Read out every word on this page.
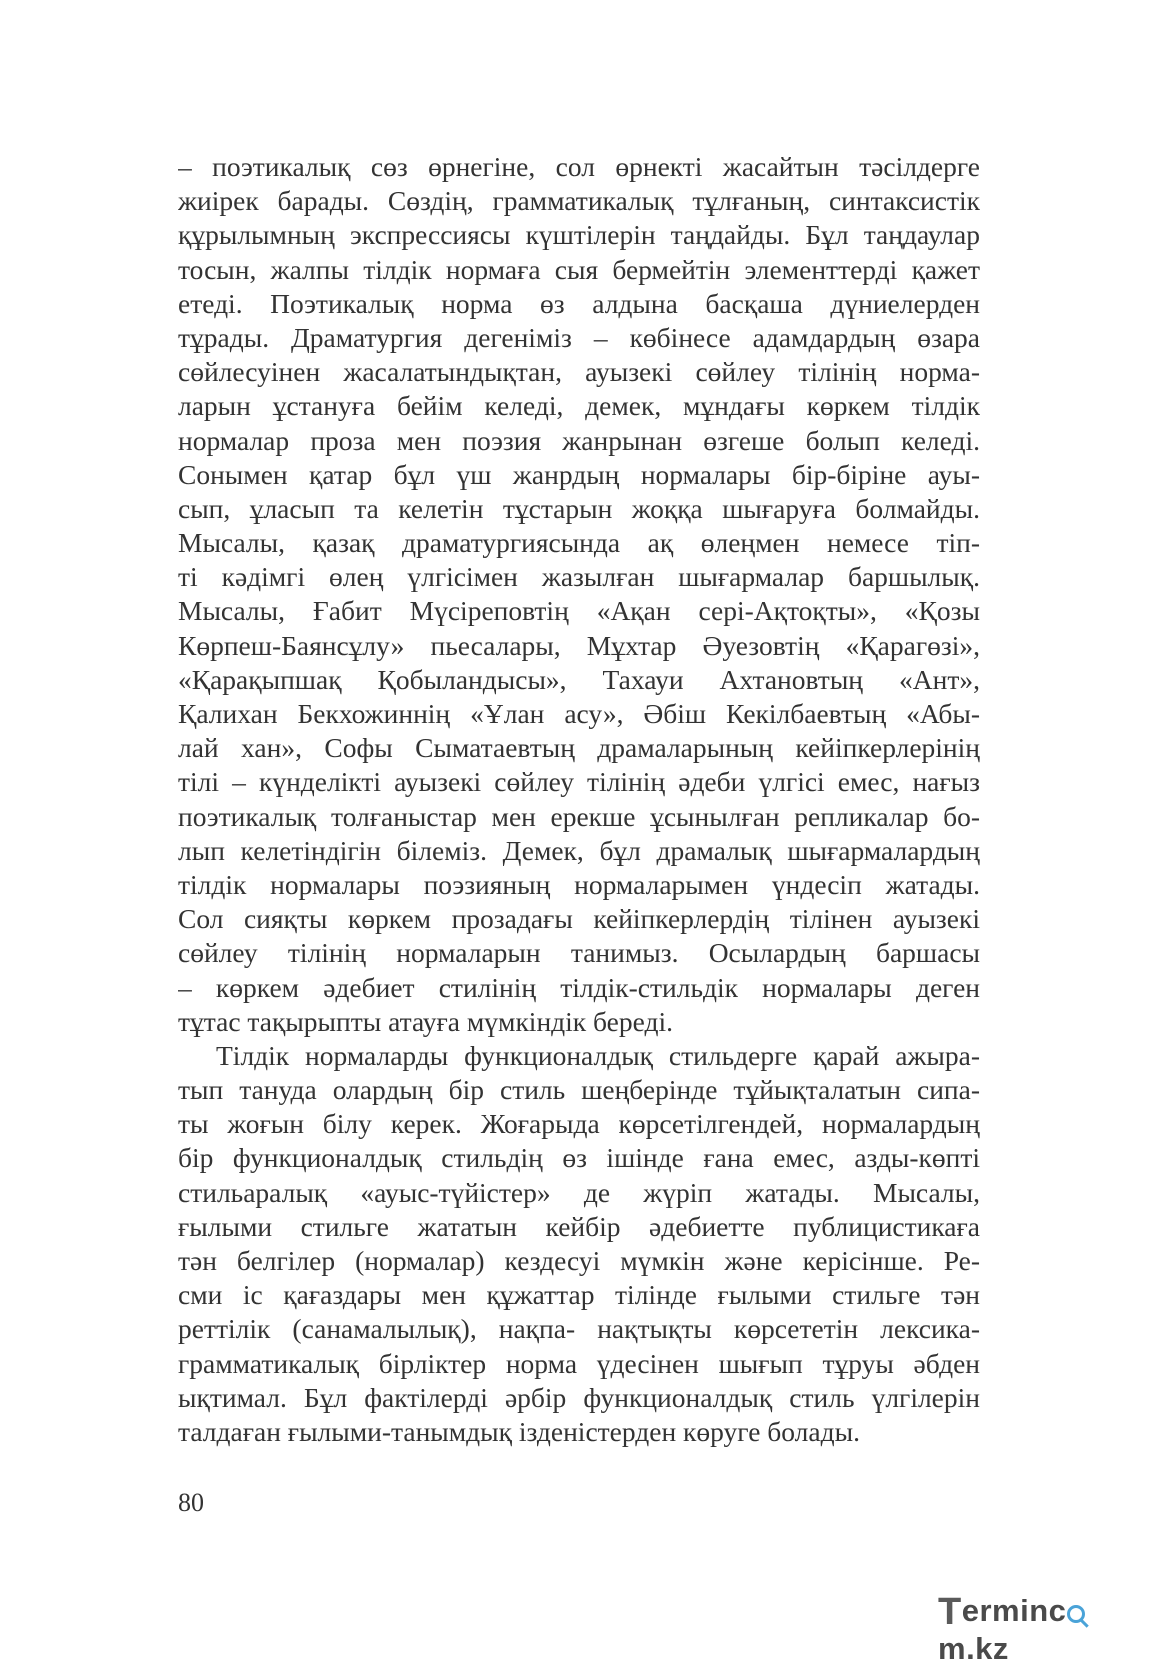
– поэтикалық сөз өрнегіне, сол өрнекті жасайтын тәсілдерге
жиірек барады. Сөздің, грамматикалық тұлғаның, синтаксистік
құрылымның экспрессиясы күштілерін таңдайды. Бұл таңдаулар
тосын, жалпы тілдік нормаға сыя бермейтін элементтерді қажет
етеді. Поэтикалық норма өз алдына басқаша дүниелерден
тұрады. Драматургия дегеніміз – көбінесе адамдардың өзара
сөйлесуінен жасалатындықтан, ауызекі сөйлеу тілінің норма-
ларын ұстануға бейім келеді, демек, мұндағы көркем тілдік
нормалар проза мен поэзия жанрынан өзгеше болып келеді.
Сонымен қатар бұл үш жанрдың нормалары бір-біріне ауы-
сып, ұласып та келетін тұстарын жоққа шығаруға болмайды.
Мысалы, қазақ драматургиясында ақ өлеңмен немесе тіп-
ті кәдімгі өлең үлгісімен жазылған шығармалар баршылық.
Мысалы, Ғабит Мүсіреповтің «Ақан сері-Ақтоқты», «Қозы
Көрпеш-Баянсұлу» пьесалары, Мұхтар Әуезовтің «Қарагөзі»,
«Қарақыпшақ Қобыландысы», Тахауи Ахтановтың «Ант»,
Қалихан Бекхожиннің «Ұлан асу», Әбіш Кекілбаевтың «Абы-
лай хан», Софы Сыматаевтың драмаларының кейіпкерлерінің
тілі – күнделікті ауызекі сөйлеу тілінің әдеби үлгісі емес, нағыз
поэтикалық толғаныстар мен ерекше ұсынылған репликалар бо-
лып келетіндігін білеміз. Демек, бұл драмалық шығармалардың
тілдік нормалары поэзияның нормаларымен үндесіп жатады.
Сол сияқты көркем прозадағы кейіпкерлердің тілінен ауызекі
сөйлеу тілінің нормаларын танимыз. Осылардың баршасы
– көркем әдебиет стилінің тілдік-стильдік нормалары деген
тұтас тақырыпты атауға мүмкіндік береді.
Тілдік нормаларды функционалдық стильдерге қарай ажыра-
тып тануда олардың бір стиль шеңберінде тұйықталатын сипа-
ты жоғын білу керек. Жоғарыда көрсетілгендей, нормалардың
бір функционалдық стильдің өз ішінде ғана емес, азды-көпті
стильаралық «ауыс-түйістер» де жүріп жатады. Мысалы,
ғылыми стильге жататын кейбір әдебиетте публицистикаға
тән белгілер (нормалар) кездесуі мүмкін және керісінше. Ре-
сми іс қағаздары мен құжаттар тілінде ғылыми стильге тән
реттілік (санамалылық), нақпа- нақтықты көрсететін лексика-
грамматикалық бірліктер норма үдесінен шығып тұруы әбден
ықтимал. Бұл фактілерді әрбір функционалдық стиль үлгілерін
талдаған ғылыми-танымдық ізденістерден көруге болады.
80
Termincm.kz
